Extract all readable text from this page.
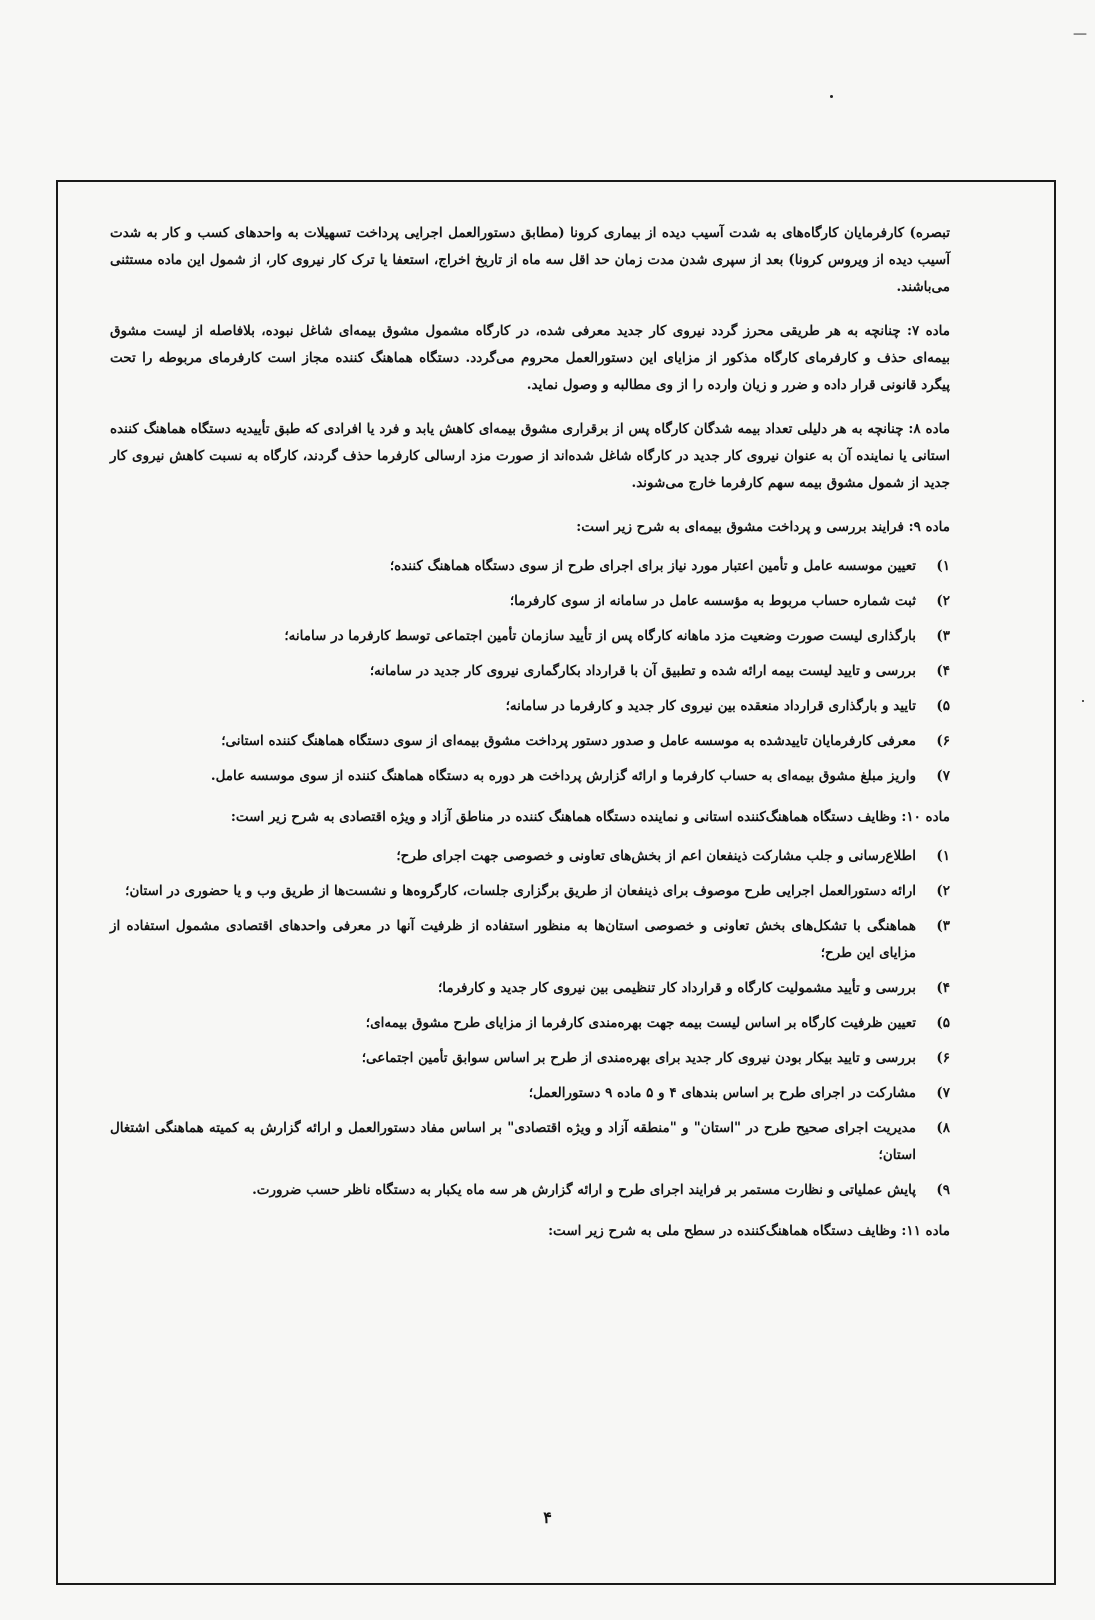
—

تبصره) کارفرمایان کارگاه‌های به شدت آسیب دیده از بیماری کرونا (مطابق دستورالعمل اجرایی پرداخت تسهیلات به واحدهای کسب و کار به شدت آسیب دیده از ویروس کرونا) بعد از سپری شدن مدت زمان حد اقل سه ماه از تاریخ اخراج، استعفا یا ترک کار نیروی کار، از شمول این ماده مستثنی می‌باشند.

ماده ۷: چنانچه به هر طریقی محرز گردد نیروی کار جدید معرفی شده، در کارگاه مشمول مشوق بیمه‌ای شاغل نبوده، بلافاصله از لیست مشوق بیمه‌ای حذف و کارفرمای کارگاه مذکور از مزایای این دستورالعمل محروم می‌گردد. دستگاه هماهنگ کننده مجاز است کارفرمای مربوطه را تحت پیگرد قانونی قرار داده و ضرر و زیان وارده را از وی مطالبه و وصول نماید.

ماده ۸: چنانچه به هر دلیلی تعداد بیمه شدگان کارگاه پس از برقراری مشوق بیمه‌ای کاهش یابد و فرد یا افرادی که طبق تأییدیه دستگاه هماهنگ کننده استانی یا نماینده آن به عنوان نیروی کار جدید در کارگاه شاغل شده‌اند از صورت مزد ارسالی کارفرما حذف گردند، کارگاه به نسبت کاهش نیروی کار جدید از شمول مشوق بیمه سهم کارفرما خارج می‌شوند.

ماده ۹: فرایند بررسی و پرداخت مشوق بیمه‌ای به شرح زیر است:

۱)
تعیین موسسه عامل و تأمین اعتبار مورد نیاز برای اجرای طرح از سوی دستگاه هماهنگ کننده؛
۲)
ثبت شماره حساب مربوط به مؤسسه عامل در سامانه از سوی کارفرما؛
۳)
بارگذاری لیست صورت وضعیت مزد ماهانه کارگاه پس از تأیید سازمان تأمین اجتماعی توسط کارفرما در سامانه؛
۴)
بررسی و تایید لیست بیمه ارائه شده و تطبیق آن با قرارداد بکارگماری نیروی کار جدید در سامانه؛
۵)
تایید و بارگذاری قرارداد منعقده بین نیروی کار جدید و کارفرما در سامانه؛
۶)
معرفی کارفرمایان تاییدشده به موسسه عامل و صدور دستور پرداخت مشوق بیمه‌ای از سوی دستگاه هماهنگ کننده استانی؛
۷)
واریز مبلغ مشوق بیمه‌ای به حساب کارفرما و ارائه گزارش پرداخت هر دوره به دستگاه هماهنگ کننده از سوی موسسه عامل.

ماده ۱۰: وظایف دستگاه هماهنگ‌کننده استانی و نماینده دستگاه هماهنگ کننده در مناطق آزاد و ویژه اقتصادی به شرح زیر است:

۱)
اطلاع‌رسانی و جلب مشارکت ذینفعان اعم از بخش‌های تعاونی و خصوصی جهت اجرای طرح؛
۲)
ارائه دستورالعمل اجرایی طرح موصوف برای ذینفعان از طریق برگزاری جلسات، کارگروه‌ها و نشست‌ها از طریق وب و یا حضوری در استان؛
۳)
هماهنگی با تشکل‌های بخش تعاونی و خصوصی استان‌ها به منظور استفاده از ظرفیت آنها در معرفی واحدهای اقتصادی مشمول استفاده از مزایای این طرح؛
۴)
بررسی و تأیید مشمولیت کارگاه و قرارداد کار تنظیمی بین نیروی کار جدید و کارفرما؛
۵)
تعیین ظرفیت کارگاه بر اساس لیست بیمه جهت بهره‌مندی کارفرما از مزایای طرح مشوق بیمه‌ای؛
۶)
بررسی و تایید بیکار بودن نیروی کار جدید برای بهره‌مندی از طرح بر اساس سوابق تأمین اجتماعی؛
۷)
مشارکت در اجرای طرح بر اساس بندهای ۴ و ۵ ماده ۹ دستورالعمل؛
۸)
مدیریت اجرای صحیح طرح در "استان" و "منطقه آزاد و ویژه اقتصادی" بر اساس مفاد دستورالعمل و ارائه گزارش به کمیته هماهنگی اشتغال استان؛
۹)
پایش عملیاتی و نظارت مستمر بر فرایند اجرای طرح و ارائه گزارش هر سه ماه یکبار به دستگاه ناظر حسب ضرورت.

ماده ۱۱: وظایف دستگاه هماهنگ‌کننده در سطح ملی به شرح زیر است:

۴
